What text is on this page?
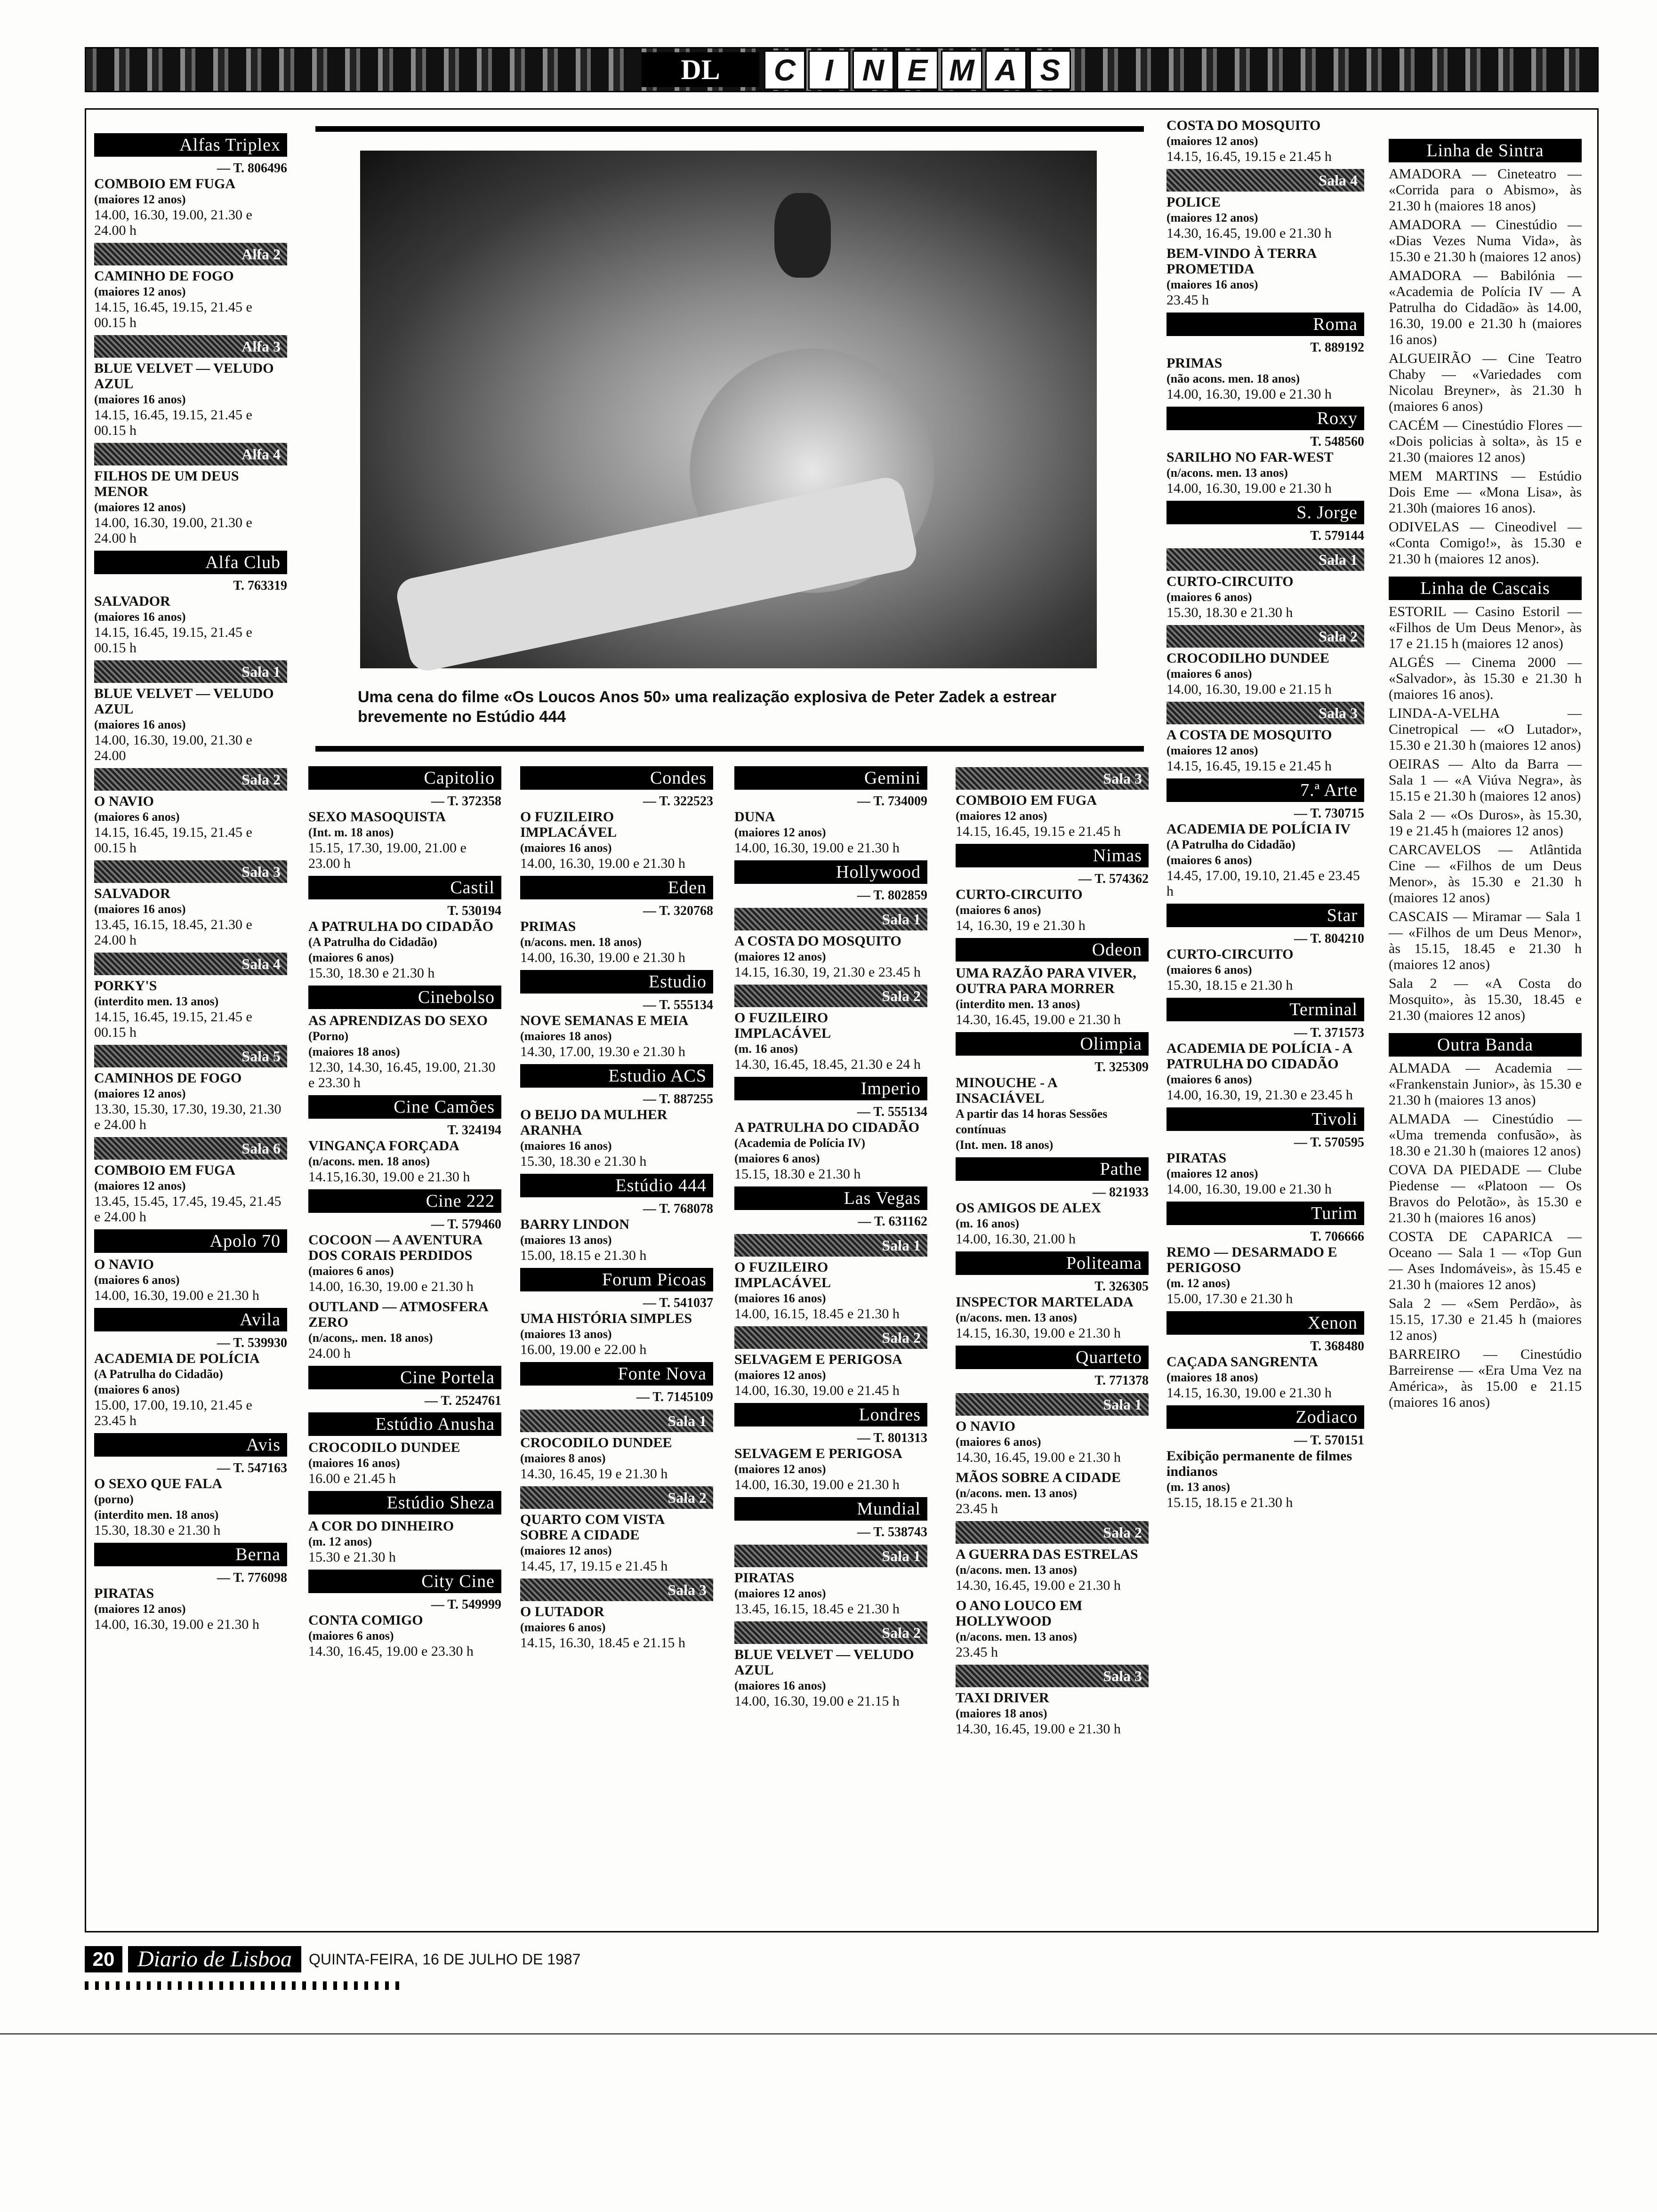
DL	C I N E M A S
Uma cena do filme «Os Loucos Anos 50» uma realização explosiva de Peter Zadek a estrear brevemente no Estúdio 444
Alfas Triplex
— T. 806496
COMBOIO EM FUGA
(maiores 12 anos)
14.00, 16.30, 19.00, 21.30 e 24.00 h
Alfa 2
CAMINHO DE FOGO
(maiores 12 anos)
14.15, 16.45, 19.15, 21.45 e 00.15 h
Alfa 3
BLUE VELVET — VELUDO AZUL
(maiores 16 anos)
14.15, 16.45, 19.15, 21.45 e 00.15 h
Alfa 4
FILHOS DE UM DEUS MENOR
(maiores 12 anos)
14.00, 16.30, 19.00, 21.30 e 24.00 h
Alfa Club
T. 763319
SALVADOR
(maiores 16 anos)
14.15, 16.45, 19.15, 21.45 e 00.15 h
Sala 1
BLUE VELVET — VELUDO AZUL
(maiores 16 anos)
14.00, 16.30, 19.00, 21.30 e 24.00
Sala 2
O NAVIO
(maiores 6 anos)
14.15, 16.45, 19.15, 21.45 e 00.15 h
Sala 3
SALVADOR
(maiores 16 anos)
13.45, 16.15, 18.45, 21.30 e 24.00 h
Sala 4
PORKY'S
(interdito men. 13 anos)
14.15, 16.45, 19.15, 21.45 e 00.15 h
Sala 5
CAMINHOS DE FOGO
(maiores 12 anos)
13.30, 15.30, 17.30, 19.30, 21.30 e 24.00 h
Sala 6
COMBOIO EM FUGA
(maiores 12 anos)
13.45, 15.45, 17.45, 19.45, 21.45 e 24.00 h
Apolo 70
O NAVIO
(maiores 6 anos)
14.00, 16.30, 19.00 e 21.30 h
Avila
— T. 539930
ACADEMIA DE POLÍCIA
(A Patrulha do Cidadão)
(maiores 6 anos)
15.00, 17.00, 19.10, 21.45 e 23.45 h
Avis
— T. 547163
O SEXO QUE FALA
(porno)
(interdito men. 18 anos)
15.30, 18.30 e 21.30 h
Berna
— T. 776098
PIRATAS
(maiores 12 anos)
14.00, 16.30, 19.00 e 21.30 h
Capitolio
— T. 372358
SEXO MASOQUISTA
(Int. m. 18 anos)
15.15, 17.30, 19.00, 21.00 e 23.00 h
Castil
T. 530194
A PATRULHA DO CIDADÃO
(A Patrulha do Cidadão)
(maiores 6 anos)
15.30, 18.30 e 21.30 h
Cinebolso
AS APRENDIZAS DO SEXO
(Porno)
(maiores 18 anos)
12.30, 14.30, 16.45, 19.00, 21.30 e 23.30 h
Cine Camões
T. 324194
VINGANÇA FORÇADA
(n/acons. men. 18 anos)
14.15,16.30, 19.00 e 21.30 h
Cine 222
— T. 579460
COCOON — A AVENTURA DOS CORAIS PERDIDOS
(maiores 6 anos)
14.00, 16.30, 19.00 e 21.30 h
OUTLAND — ATMOSFERA ZERO
(n/acons,. men. 18 anos)
24.00 h
Cine Portela
— T. 2524761
Estúdio Anusha
CROCODILO DUNDEE
(maiores 16 anos)
16.00 e 21.45 h
Estúdio Sheza
A COR DO DINHEIRO
(m. 12 anos)
15.30 e 21.30 h
City Cine
— T. 549999
CONTA COMIGO
(maiores 6 anos)
14.30, 16.45, 19.00 e 23.30 h
Condes
— T. 322523
O FUZILEIRO IMPLACÁVEL
(maiores 16 anos)
14.00, 16.30, 19.00 e 21.30 h
Eden
— T. 320768
PRIMAS
(n/acons. men. 18 anos)
14.00, 16.30, 19.00 e 21.30 h
Estudio
— T. 555134
NOVE SEMANAS E MEIA
(maiores 18 anos)
14.30, 17.00, 19.30 e 21.30 h
Estudio ACS
— T. 887255
O BEIJO DA MULHER ARANHA
(maiores 16 anos)
15.30, 18.30 e 21.30 h
Estúdio 444
— T. 768078
BARRY LINDON
(maiores 13 anos)
15.00, 18.15 e 21.30 h
Forum Picoas
— T. 541037
UMA HISTÓRIA SIMPLES
(maiores 13 anos)
16.00, 19.00 e 22.00 h
Fonte Nova
— T. 7145109
Sala 1
CROCODILO DUNDEE
(maiores 8 anos)
14.30, 16.45, 19 e 21.30 h
Sala 2
QUARTO COM VISTA SOBRE A CIDADE
(maiores 12 anos)
14.45, 17, 19.15 e 21.45 h
Sala 3
O LUTADOR
(maiores 6 anos)
14.15, 16.30, 18.45 e 21.15 h
Gemini
— T. 734009
DUNA
(maiores 12 anos)
14.00, 16.30, 19.00 e 21.30 h
Hollywood
— T. 802859
Sala 1
A COSTA DO MOSQUITO
(maiores 12 anos)
14.15, 16.30, 19, 21.30 e 23.45 h
Sala 2
O FUZILEIRO IMPLACÁVEL
(m. 16 anos)
14.30, 16.45, 18.45, 21.30 e 24 h
Imperio
— T. 555134
A PATRULHA DO CIDADÃO
(Academia de Polícia IV)
(maiores 6 anos)
15.15, 18.30 e 21.30 h
Las Vegas
— T. 631162
Sala 1
O FUZILEIRO IMPLACÁVEL
(maiores 16 anos)
14.00, 16.15, 18.45 e 21.30 h
Sala 2
SELVAGEM E PERIGOSA
(maiores 12 anos)
14.00, 16.30, 19.00 e 21.45 h
Londres
— T. 801313
SELVAGEM E PERIGOSA
(maiores 12 anos)
14.00, 16.30, 19.00 e 21.30 h
Mundial
— T. 538743
Sala 1
PIRATAS
(maiores 12 anos)
13.45, 16.15, 18.45 e 21.30 h
Sala 2
BLUE VELVET — VELUDO AZUL
(maiores 16 anos)
14.00, 16.30, 19.00 e 21.15 h
Sala 3
COMBOIO EM FUGA
(maiores 12 anos)
14.15, 16.45, 19.15 e 21.45 h
Nimas
— T. 574362
CURTO-CIRCUITO
(maiores 6 anos)
14, 16.30, 19 e 21.30 h
Odeon
UMA RAZÃO PARA VIVER, OUTRA PARA MORRER
(interdito men. 13 anos)
14.30, 16.45, 19.00 e 21.30 h
Olimpia
T. 325309
MINOUCHE - A INSACIÁVEL
A partir das 14 horas Sessões contínuas
(Int. men. 18 anos)
Pathe
— 821933
OS AMIGOS DE ALEX
(m. 16 anos)
14.00, 16.30, 21.00 h
Politeama
T. 326305
INSPECTOR MARTELADA
(n/acons. men. 13 anos)
14.15, 16.30, 19.00 e 21.30 h
Quarteto
T. 771378
Sala 1
O NAVIO
(maiores 6 anos)
14.30, 16.45, 19.00 e 21.30 h
MÃOS SOBRE A CIDADE
(n/acons. men. 13 anos)
23.45 h
Sala 2
A GUERRA DAS ESTRELAS
(n/acons. men. 13 anos)
14.30, 16.45, 19.00 e 21.30 h
O ANO LOUCO EM HOLLYWOOD
(n/acons. men. 13 anos)
23.45 h
Sala 3
TAXI DRIVER
(maiores 18 anos)
14.30, 16.45, 19.00 e 21.30 h
COSTA DO MOSQUITO
(maiores 12 anos)
14.15, 16.45, 19.15 e 21.45 h
Sala 4
POLICE
(maiores 12 anos)
14.30, 16.45, 19.00 e 21.30 h
BEM-VINDO À TERRA PROMETIDA
(maiores 16 anos)
23.45 h
Roma
T. 889192
PRIMAS
(não acons. men. 18 anos)
14.00, 16.30, 19.00 e 21.30 h
Roxy
T. 548560
SARILHO NO FAR-WEST
(n/acons. men. 13 anos)
14.00, 16.30, 19.00 e 21.30 h
S. Jorge
T. 579144
Sala 1
CURTO-CIRCUITO
(maiores 6 anos)
15.30, 18.30 e 21.30 h
Sala 2
CROCODILHO DUNDEE
(maiores 6 anos)
14.00, 16.30, 19.00 e 21.15 h
Sala 3
A COSTA DE MOSQUITO
(maiores 12 anos)
14.15, 16.45, 19.15 e 21.45 h
7.ª Arte
— T. 730715
ACADEMIA DE POLÍCIA IV
(A Patrulha do Cidadão)
(maiores 6 anos)
14.45, 17.00, 19.10, 21.45 e 23.45 h
Star
— T. 804210
CURTO-CIRCUITO
(maiores 6 anos)
15.30, 18.15 e 21.30 h
Terminal
— T. 371573
ACADEMIA DE POLÍCIA - A PATRULHA DO CIDADÃO
(maiores 6 anos)
14.00, 16.30, 19, 21.30 e 23.45 h
Tivoli
— T. 570595
PIRATAS
(maiores 12 anos)
14.00, 16.30, 19.00 e 21.30 h
Turim
T. 706666
REMO — DESARMADO E PERIGOSO
(m. 12 anos)
15.00, 17.30 e 21.30 h
Xenon
T. 368480
CAÇADA SANGRENTA
(maiores 18 anos)
14.15, 16.30, 19.00 e 21.30 h
Zodiaco
— T. 570151
Exibição permanente de filmes indianos
(m. 13 anos)
15.15, 18.15 e 21.30 h
Linha de Sintra

AMADORA — Cineteatro — «Corrida para o Abismo», às 21.30 h (maiores 18 anos)

AMADORA — Cinestúdio — «Dias Vezes Numa Vida», às 15.30 e 21.30 h (maiores 12 anos)

AMADORA — Babilónia — «Academia de Polícia IV — A Patrulha do Cidadão» às 14.00, 16.30, 19.00 e 21.30 h (maiores 16 anos)

ALGUEIRÃO — Cine Teatro Chaby — «Variedades com Nicolau Breyner», às 21.30 h (maiores 6 anos)

CACÉM — Cinestúdio Flores — «Dois policias à solta», às 15 e 21.30 (maiores 12 anos)

MEM MARTINS — Estúdio Dois Eme — «Mona Lisa», às 21.30h (maiores 16 anos).

ODIVELAS — Cineodivel — «Conta Comigo!», às 15.30 e 21.30 h (maiores 12 anos).

Linha de Cascais

ESTORIL — Casino Estoril — «Filhos de Um Deus Menor», às 17 e 21.15 h (maiores 12 anos)

ALGÉS — Cinema 2000 — «Salvador», às 15.30 e 21.30 h (maiores 16 anos).

LINDA-A-VELHA — Cinetropical — «O Lutador», 15.30 e 21.30 h (maiores 12 anos)

OEIRAS — Alto da Barra — Sala 1 — «A Viúva Negra», às 15.15 e 21.30 h (maiores 12 anos)

Sala 2 — «Os Duros», às 15.30, 19 e 21.45 h (maiores 12 anos)

CARCAVELOS — Atlântida Cine — «Filhos de um Deus Menor», às 15.30 e 21.30 h (maiores 12 anos)

CASCAIS — Miramar — Sala 1 — «Filhos de um Deus Menor», às 15.15, 18.45 e 21.30 h (maiores 12 anos)

Sala 2 — «A Costa do Mosquito», às 15.30, 18.45 e 21.30 (maiores 12 anos)

Outra Banda

ALMADA — Academia — «Frankenstain Junior», às 15.30 e 21.30 h (maiores 13 anos)

ALMADA — Cinestúdio — «Uma tremenda confusão», às 18.30 e 21.30 h (maiores 12 anos)

COVA DA PIEDADE — Clube Piedense — «Platoon — Os Bravos do Pelotão», às 15.30 e 21.30 h (maiores 16 anos)

COSTA DE CAPARICA — Oceano — Sala 1 — «Top Gun — Ases Indomáveis», às 15.45 e 21.30 h (maiores 12 anos)

Sala 2 — «Sem Perdão», às 15.15, 17.30 e 21.45 h (maiores 12 anos)

BARREIRO — Cinestúdio Barreirense — «Era Uma Vez na América», às 15.00 e 21.15 (maiores 16 anos)

20	Diario de Lisboa	QUINTA-FEIRA, 16 DE JULHO DE 1987
